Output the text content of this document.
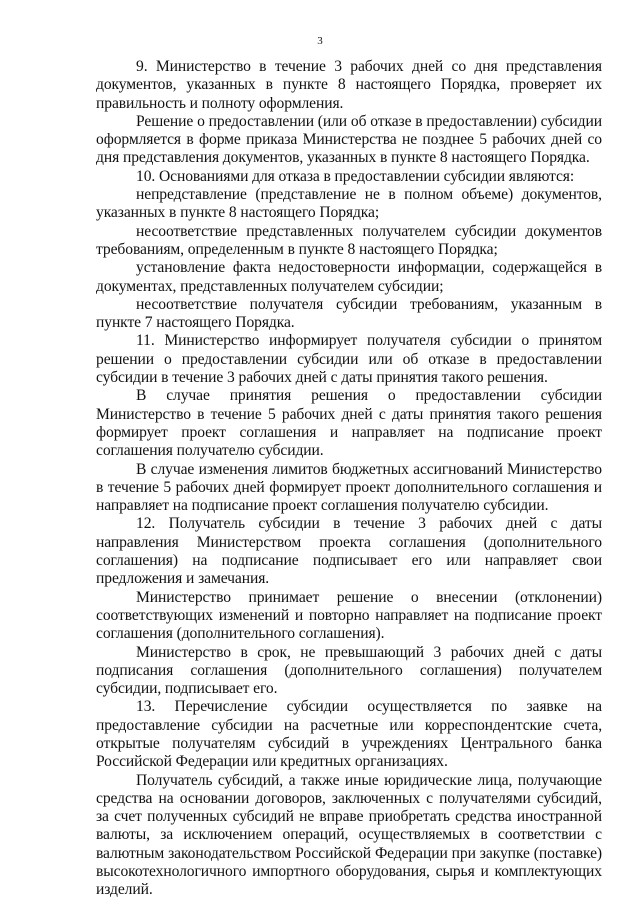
3

9. Министерство в течение 3 рабочих дней со дня представления документов, указанных в пункте 8 настоящего Порядка, проверяет их правильность и полноту оформления.

Решение о предоставлении (или об отказе в предоставлении) субсидии оформляется в форме приказа Министерства не позднее 5 рабочих дней со дня представления документов, указанных в пункте 8 настоящего Порядка.

10. Основаниями для отказа в предоставлении субсидии являются:

непредставление (представление не в полном объеме) документов, указанных в пункте 8 настоящего Порядка;

несоответствие представленных получателем субсидии документов требованиям, определенным в пункте 8 настоящего Порядка;

установление факта недостоверности информации, содержащейся в документах, представленных получателем субсидии;

несоответствие получателя субсидии требованиям, указанным в пункте 7 настоящего Порядка.

11. Министерство информирует получателя субсидии о принятом решении о предоставлении субсидии или об отказе в предоставлении субсидии в течение 3 рабочих дней с даты принятия такого решения.

В случае принятия решения о предоставлении субсидии Министерство в течение 5 рабочих дней с даты принятия такого решения формирует проект соглашения и направляет на подписание проект соглашения получателю субсидии.

В случае изменения лимитов бюджетных ассигнований Министерство в течение 5 рабочих дней формирует проект дополнительного соглашения и направляет на подписание проект соглашения получателю субсидии.

12. Получатель субсидии в течение 3 рабочих дней с даты направления Министерством проекта соглашения (дополнительного соглашения) на подписание подписывает его или направляет свои предложения и замечания.

Министерство принимает решение о внесении (отклонении) соответствующих изменений и повторно направляет на подписание проект соглашения (дополнительного соглашения).

Министерство в срок, не превышающий 3 рабочих дней с даты подписания соглашения (дополнительного соглашения) получателем субсидии, подписывает его.

13. Перечисление субсидии осуществляется по заявке на предоставление субсидии на расчетные или корреспондентские счета, открытые получателям субсидий в учреждениях Центрального банка Российской Федерации или кредитных организациях.

Получатель субсидий, а также иные юридические лица, получающие средства на основании договоров, заключенных с получателями субсидий, за счет полученных субсидий не вправе приобретать средства иностранной валюты, за исключением операций, осуществляемых в соответствии с валютным законодательством Российской Федерации при закупке (поставке) высокотехнологичного импортного оборудования, сырья и комплектующих изделий.
